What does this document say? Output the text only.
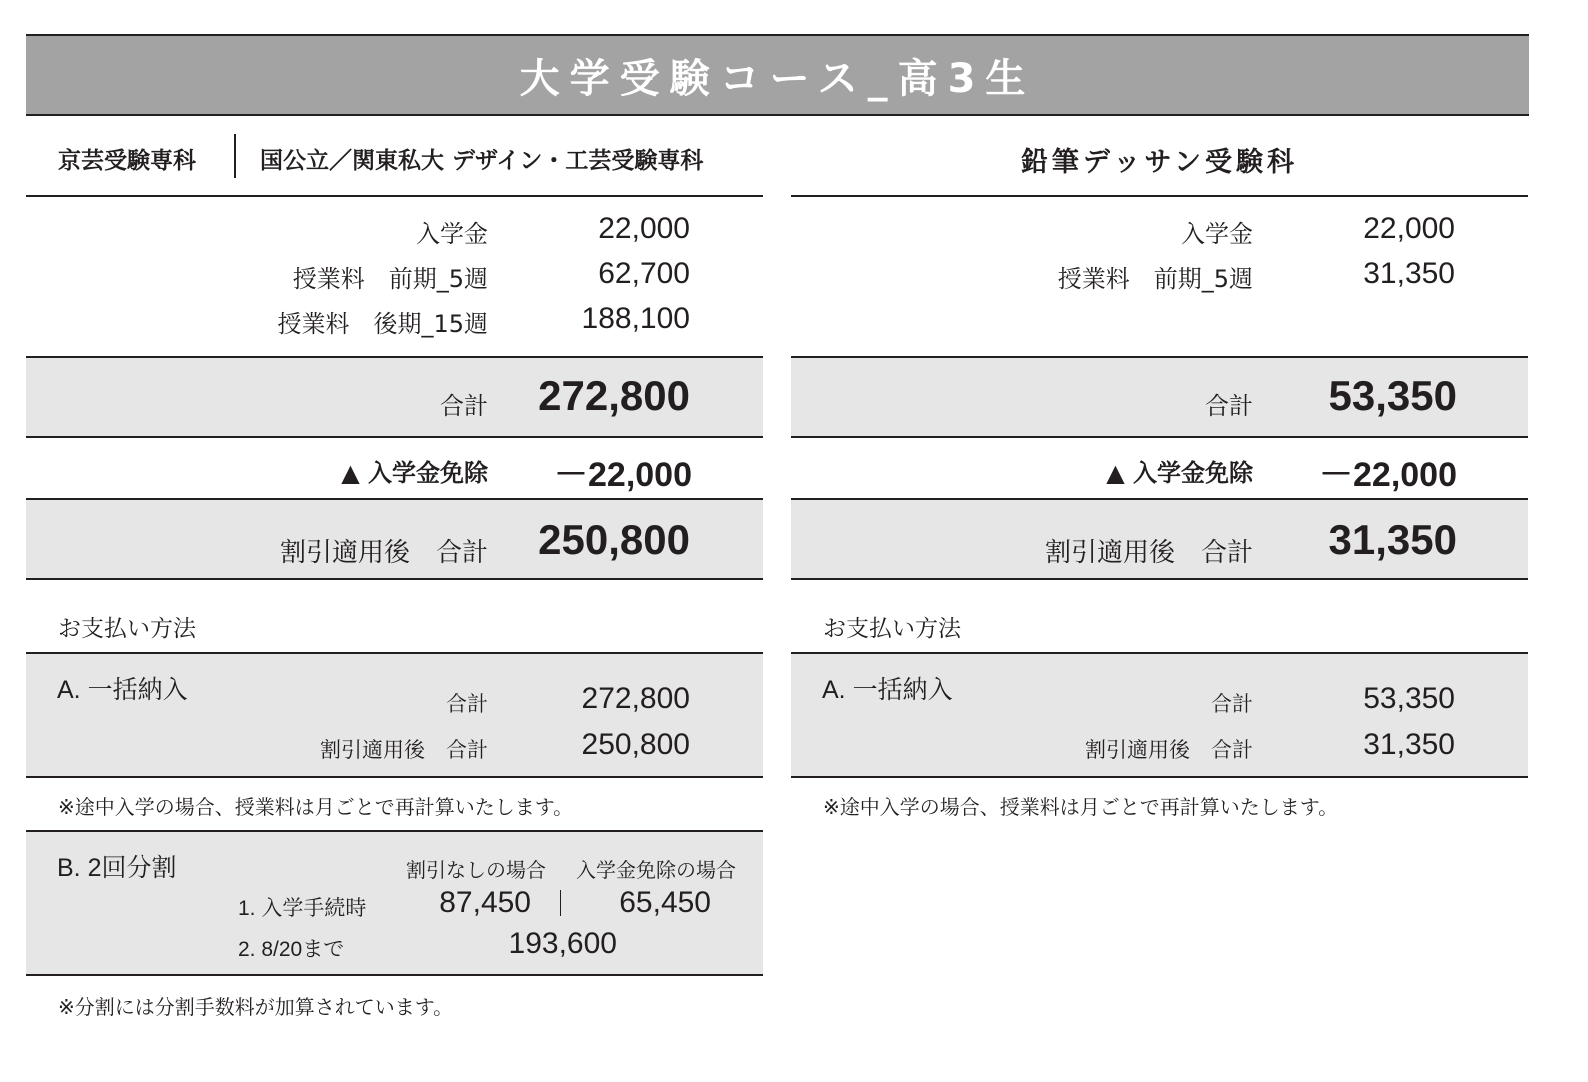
大学受験コース_高3生
京芸受験専科	国公立／関東私大 デザイン・工芸受験専科
入学金	22,000
授業料　前期_5週	62,700
授業料　後期_15週	188,100
合計	272,800
▲ 入学金免除	－22,000
割引適用後　合計	250,800
お支払い方法
A. 一括納入	合計	272,800
割引適用後　合計	250,800
※途中入学の場合、授業料は月ごとで再計算いたします。
B. 2回分割	割引なしの場合 入学金免除の場合
1. 入学手続時	87,450	65,450
2. 8/20まで	193,600
※分割には分割手数料が加算されています。
鉛筆デッサン受験科
入学金	22,000
授業料　前期_5週	31,350
合計	53,350
▲ 入学金免除	－22,000
割引適用後　合計	31,350
お支払い方法
A. 一括納入	合計	53,350
割引適用後　合計	31,350
※途中入学の場合、授業料は月ごとで再計算いたします。
